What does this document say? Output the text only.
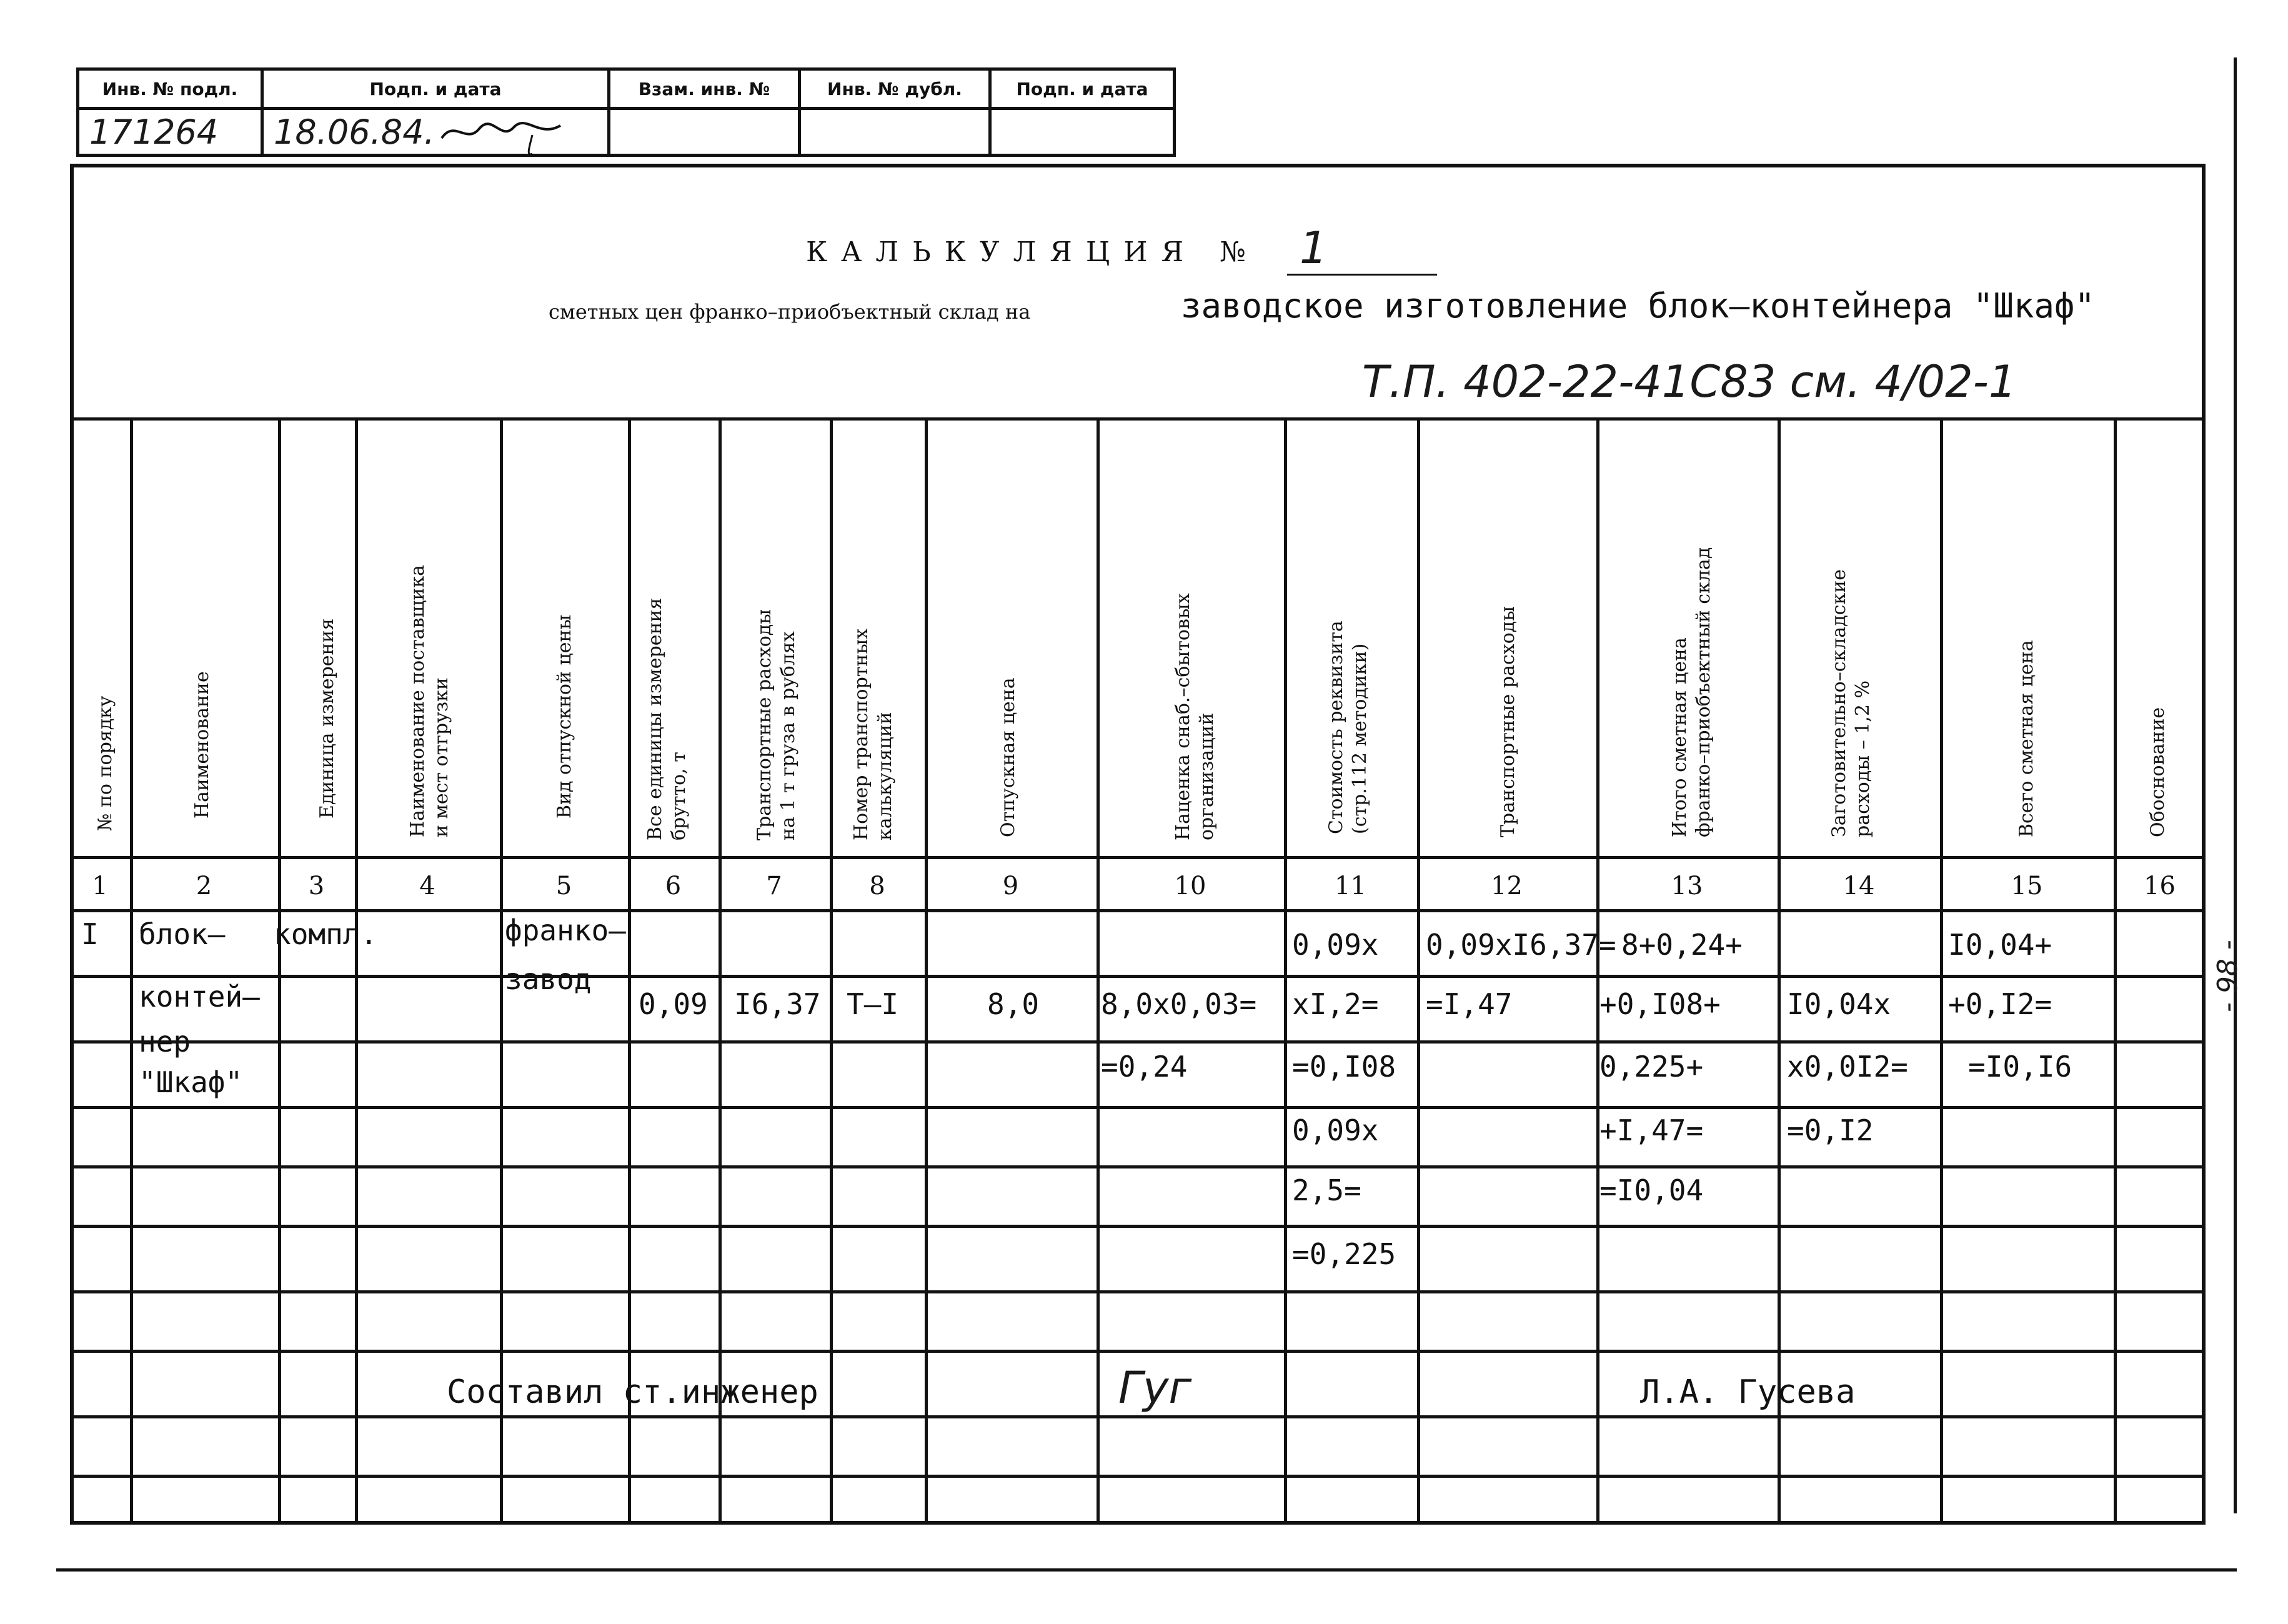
Инв. № подл.	Подп. и дата	Взам. инв. №	Инв. № дубл.	Подп. и дата
171264	18.06.84.
КАЛЬКУЛЯЦИЯ № 1
сметных цен франко–приобъектный склад на	заводское изготовление блок–контейнера "Шкаф"
Т.П. 402-22-41С83 см. 4/02-1
№ по порядку	Наименование	Единица измерения	Наименование поставщика
и мест отгрузки	Вид отпускной цены
Все единицы измерения
брутто, т	Транспортные расходы
на 1 т груза в рублях
Номер транспортных
калькуляций	Отпускная цена	Наценка снаб.–сбытовых
организаций	Стоимость реквизита
(стр.112 методики)	Транспортные расходы	Итого сметная цена
франко–приобъектный склад	Заготовительно–складские
расходы – 1,2 %	Всего сметная цена	Обоснование
1	2	3	4	5	6	7	8	9	10	11	12	13	14	15	16
I блок–
контей–
нер
"Шкаф"
компл.	франко–
завод
0,09 I6,37 Т–I	8,0 8,0х0,03=
=0,24
0,09х
хI,2=
=0,I08
0,09х
2,5=
=0,225
0,09хI6,37=
=I,47
8+0,24+
+0,I08+
0,225+
+I,47=
=I0,04
I0,04х
х0,0I2=
=0,I2
I0,04+
+0,I2=
=I0,I6
Составил ст.инженер	Гуг	Л.А. Гусева
- 98 -
